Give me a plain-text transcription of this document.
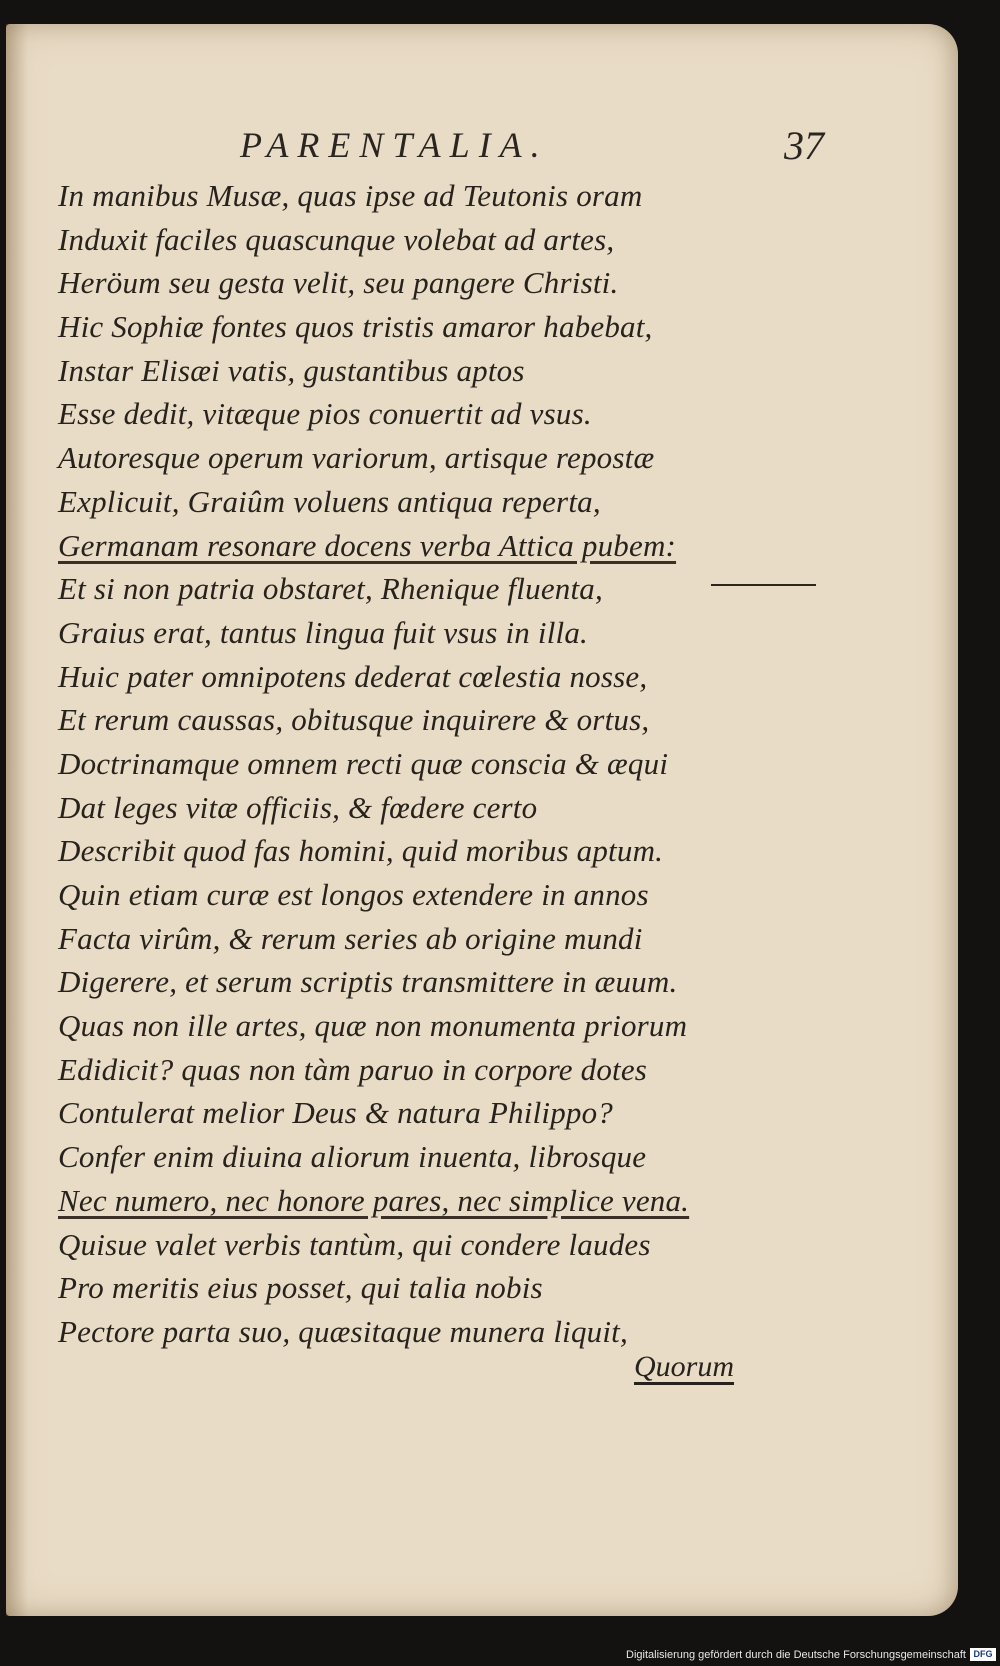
PARENTALIA.	37
In manibus Musæ, quas ipse ad Teutonis oram
Induxit faciles quascunque volebat ad artes,
Heröum seu gesta velit, seu pangere Christi.
Hic Sophiæ fontes quos tristis amaror habebat,
Instar Elisæi vatis, gustantibus aptos
Esse dedit, vitæque pios conuertit ad vsus.
Autoresque operum variorum, artisque repostæ
Explicuit, Graiûm voluens antiqua reperta,
Germanam resonare docens verba Attica pubem:
Et si non patria obstaret, Rhenique fluenta,
Graius erat, tantus lingua fuit vsus in illa.
Huic pater omnipotens dederat cœlestia nosse,
Et rerum caussas, obitusque inquirere & ortus,
Doctrinamque omnem recti quæ conscia & æqui
Dat leges vitæ officiis, & fœdere certo
Describit quod fas homini, quid moribus aptum.
Quin etiam curæ est longos extendere in annos
Facta virûm, & rerum series ab origine mundi
Digerere, et serum scriptis transmittere in æuum.
Quas non ille artes, quæ non monumenta priorum
Edidicit? quas non tàm paruo in corpore dotes
Contulerat melior Deus & natura Philippo?
Confer enim diuina aliorum inuenta, librosque
Nec numero, nec honore pares, nec simplice vena.
Quisue valet verbis tantùm, qui condere laudes
Pro meritis eius posset, qui talia nobis
Pectore parta suo, quæsitaque munera liquit,
Quorum
Digitalisierung gefördert durch die Deutsche Forschungsgemeinschaft DFG
